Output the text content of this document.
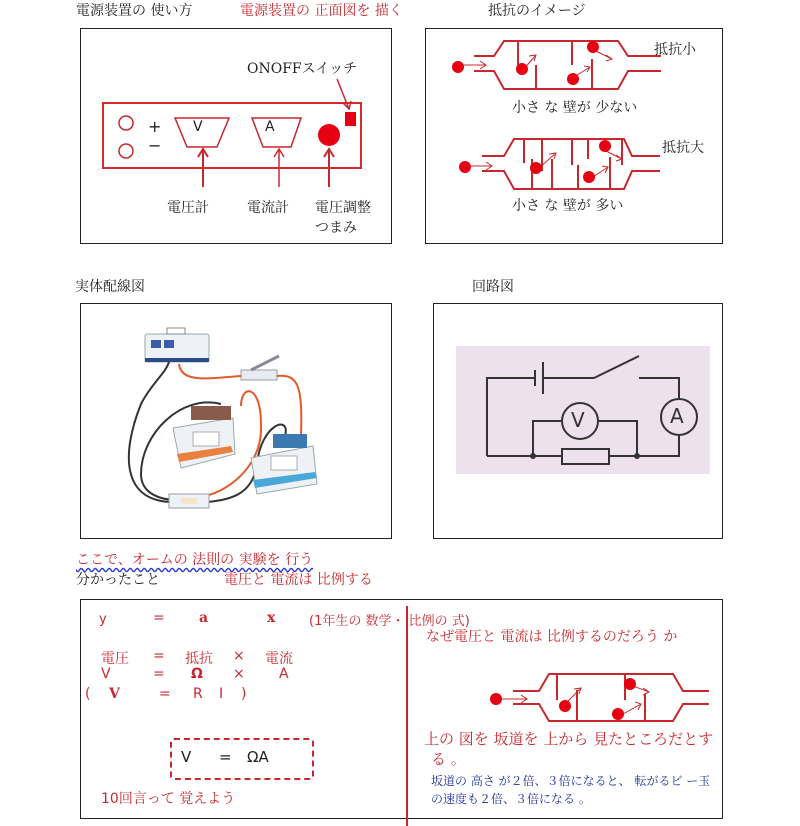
電源装置の 使い方	電源装置の 正面図を 描く	抵抗のイメージ
ONOFFスイッチ
+
−
V	A
電圧計	電流計 電圧調整
つまみ
抵抗小
小さ な 壁が 少ない
抵抗大
小さ な 壁が 多い
実体配線図	回路図
V	A
ここで、オームの 法則の 実験を 行う
分かったこと	電圧と 電流は 比例する
y	= a	x	(1年生の 数学・ 比例の 式)
電圧 = 抵抗 × 電流
V	= Ω × A
( V	= R I )
V = ΩA
10回言って 覚えよう
なぜ電圧と 電流は 比例するのだろう か
上の 図を 坂道を 上から 見たところだとす
る 。
坂道の 高さ が２倍、３倍になると、 転がるビ ー玉
の速度も２倍、３倍になる 。
